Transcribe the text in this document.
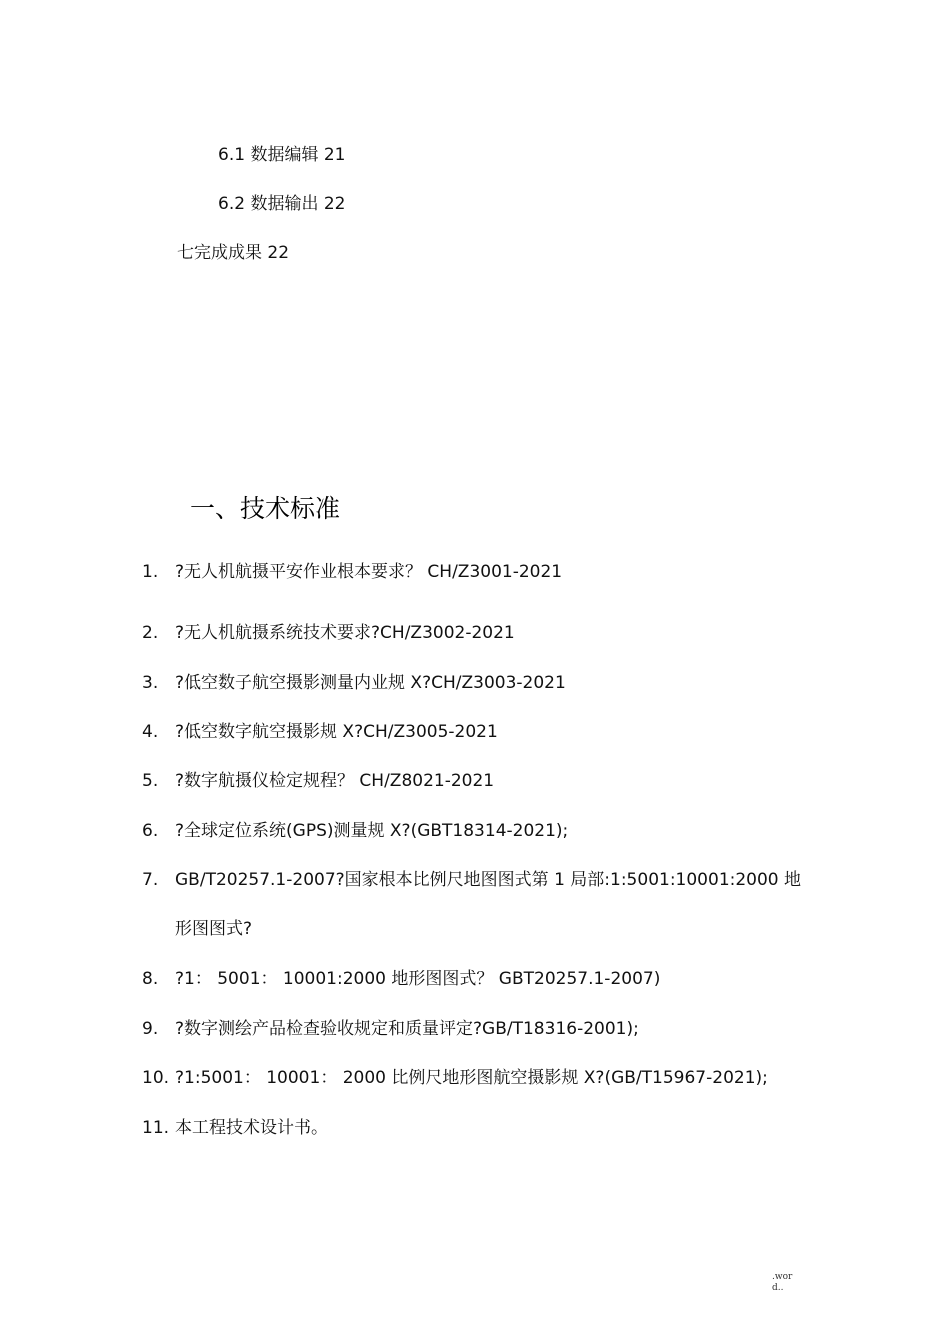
6.1 数据编辑 21
6.2 数据输出 22
七完成成果 22
一、技术标准
1. ?无人机航摄平安作业根本要求？ CH/Z3001-2021
2. ?无人机航摄系统技术要求?CH/Z3002-2021
3. ?低空数子航空摄影测量内业规 X?CH/Z3003-2021
4. ?低空数字航空摄影规 X?CH/Z3005-2021
5. ?数字航摄仪检定规程？ CH/Z8021-2021
6. ?全球定位系统(GPS)测量规 X?(GBT18314-2021);
7. GB/T20257.1-2007?国家根本比例尺地图图式第 1 局部:1:5001:10001:2000 地
形图图式?
8. ?1： 5001： 10001:2000 地形图图式？ GBT20257.1-2007)
9. ?数字测绘产品检查验收规定和质量评定?GB/T18316-2001);
10. ?1:5001： 10001： 2000 比例尺地形图航空摄影规 X?(GB/T15967-2021);
11. 本工程技术设计书。
.word..
